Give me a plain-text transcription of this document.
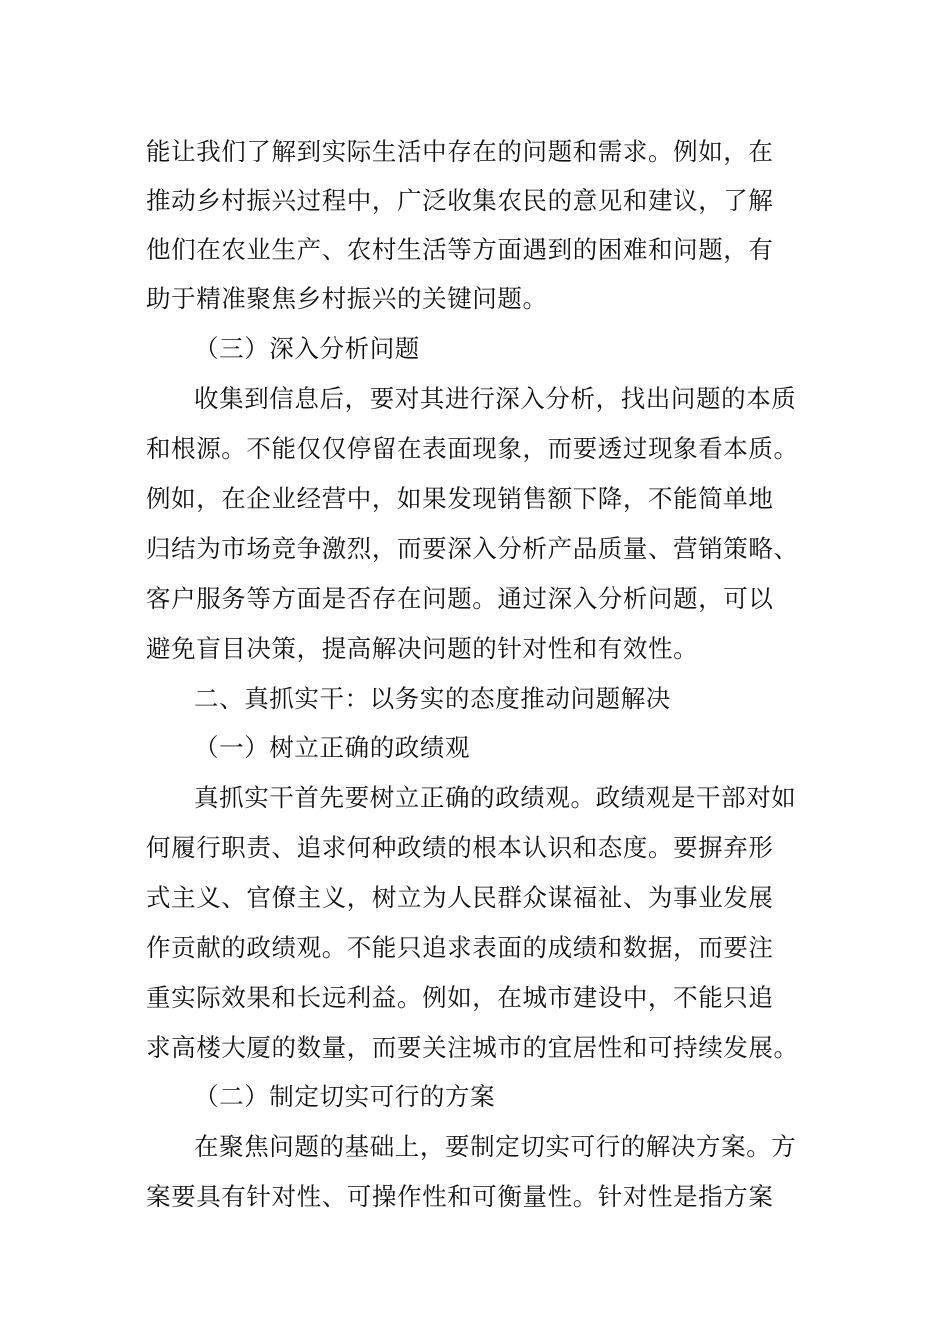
能让我们了解到实际生活中存在的问题和需求。例如，在
推动乡村振兴过程中，广泛收集农民的意见和建议，了解
他们在农业生产、农村生活等方面遇到的困难和问题，有
助于精准聚焦乡村振兴的关键问题。
（三）深入分析问题
收集到信息后，要对其进行深入分析，找出问题的本质
和根源。不能仅仅停留在表面现象，而要透过现象看本质。
例如，在企业经营中，如果发现销售额下降，不能简单地
归结为市场竞争激烈，而要深入分析产品质量、营销策略、
客户服务等方面是否存在问题。通过深入分析问题，可以
避免盲目决策，提高解决问题的针对性和有效性。
二、真抓实干：以务实的态度推动问题解决
（一）树立正确的政绩观
真抓实干首先要树立正确的政绩观。政绩观是干部对如
何履行职责、追求何种政绩的根本认识和态度。要摒弃形
式主义、官僚主义，树立为人民群众谋福祉、为事业发展
作贡献的政绩观。不能只追求表面的成绩和数据，而要注
重实际效果和长远利益。例如，在城市建设中，不能只追
求高楼大厦的数量，而要关注城市的宜居性和可持续发展。
（二）制定切实可行的方案
在聚焦问题的基础上，要制定切实可行的解决方案。方
案要具有针对性、可操作性和可衡量性。针对性是指方案
